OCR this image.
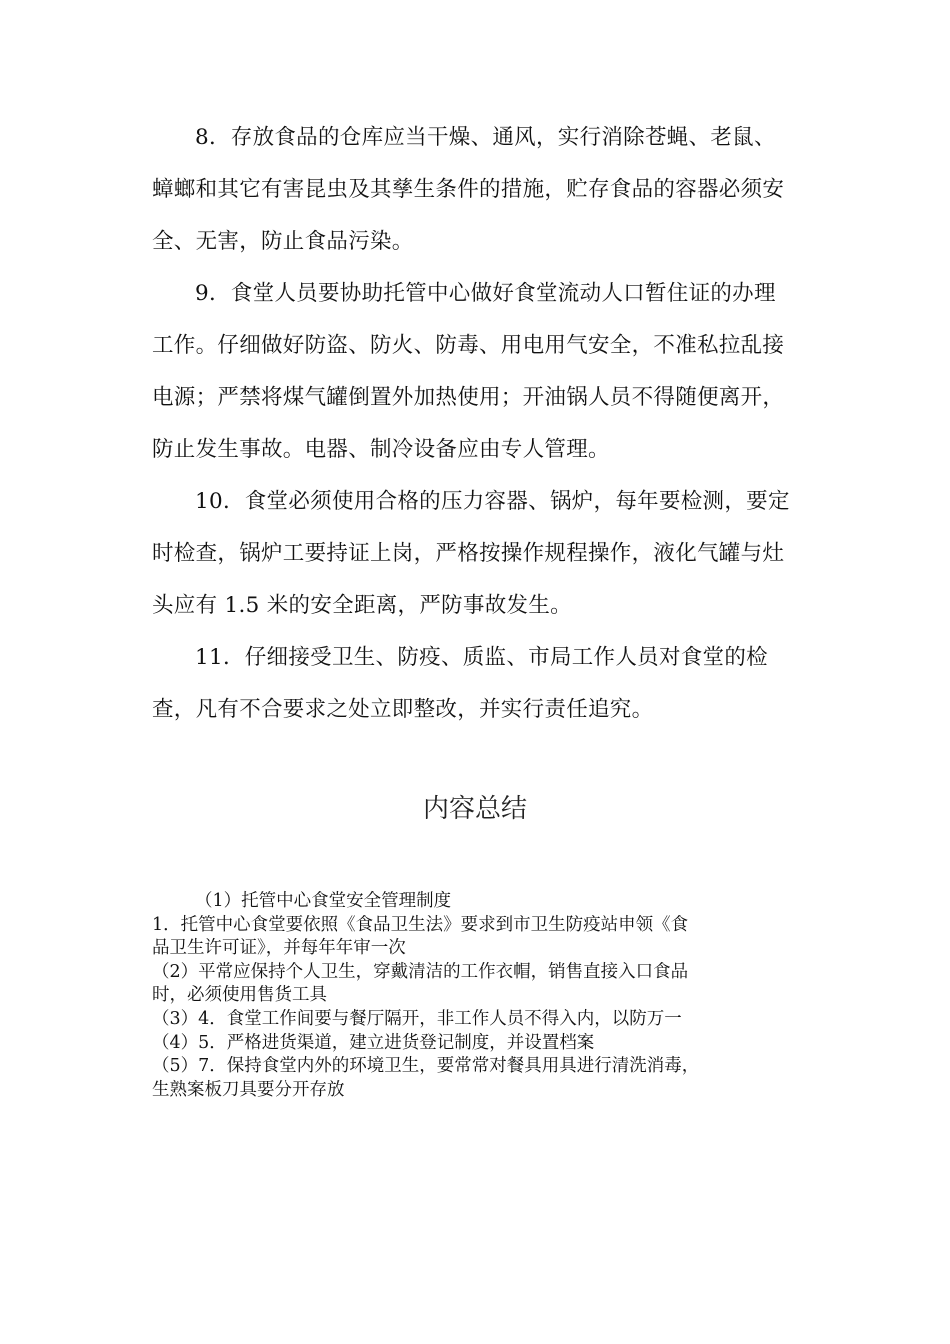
8．存放食品的仓库应当干燥、通风，实行消除苍蝇、老鼠、
蟑螂和其它有害昆虫及其孳生条件的措施，贮存食品的容器必须安
全、无害，防止食品污染。

9．食堂人员要协助托管中心做好食堂流动人口暂住证的办理
工作。仔细做好防盗、防火、防毒、用电用气安全，不准私拉乱接
电源；严禁将煤气罐倒置外加热使用；开油锅人员不得随便离开，
防止发生事故。电器、制冷设备应由专人管理。

10．食堂必须使用合格的压力容器、锅炉，每年要检测，要定
时检查，锅炉工要持证上岗，严格按操作规程操作，液化气罐与灶
头应有 1.5 米的安全距离，严防事故发生。

11．仔细接受卫生、防疫、质监、市局工作人员对食堂的检
查，凡有不合要求之处立即整改，并实行责任追究。

内容总结
（1）托管中心食堂安全管理制度
1．托管中心食堂要依照《食品卫生法》要求到市卫生防疫站申领《食
品卫生许可证》，并每年年审一次
（2）平常应保持个人卫生，穿戴清洁的工作衣帽，销售直接入口食品
时，必须使用售货工具
（3）4．食堂工作间要与餐厅隔开，非工作人员不得入内，以防万一
（4）5．严格进货渠道，建立进货登记制度，并设置档案
（5）7．保持食堂内外的环境卫生，要常常对餐具用具进行清洗消毒，
生熟案板刀具要分开存放
